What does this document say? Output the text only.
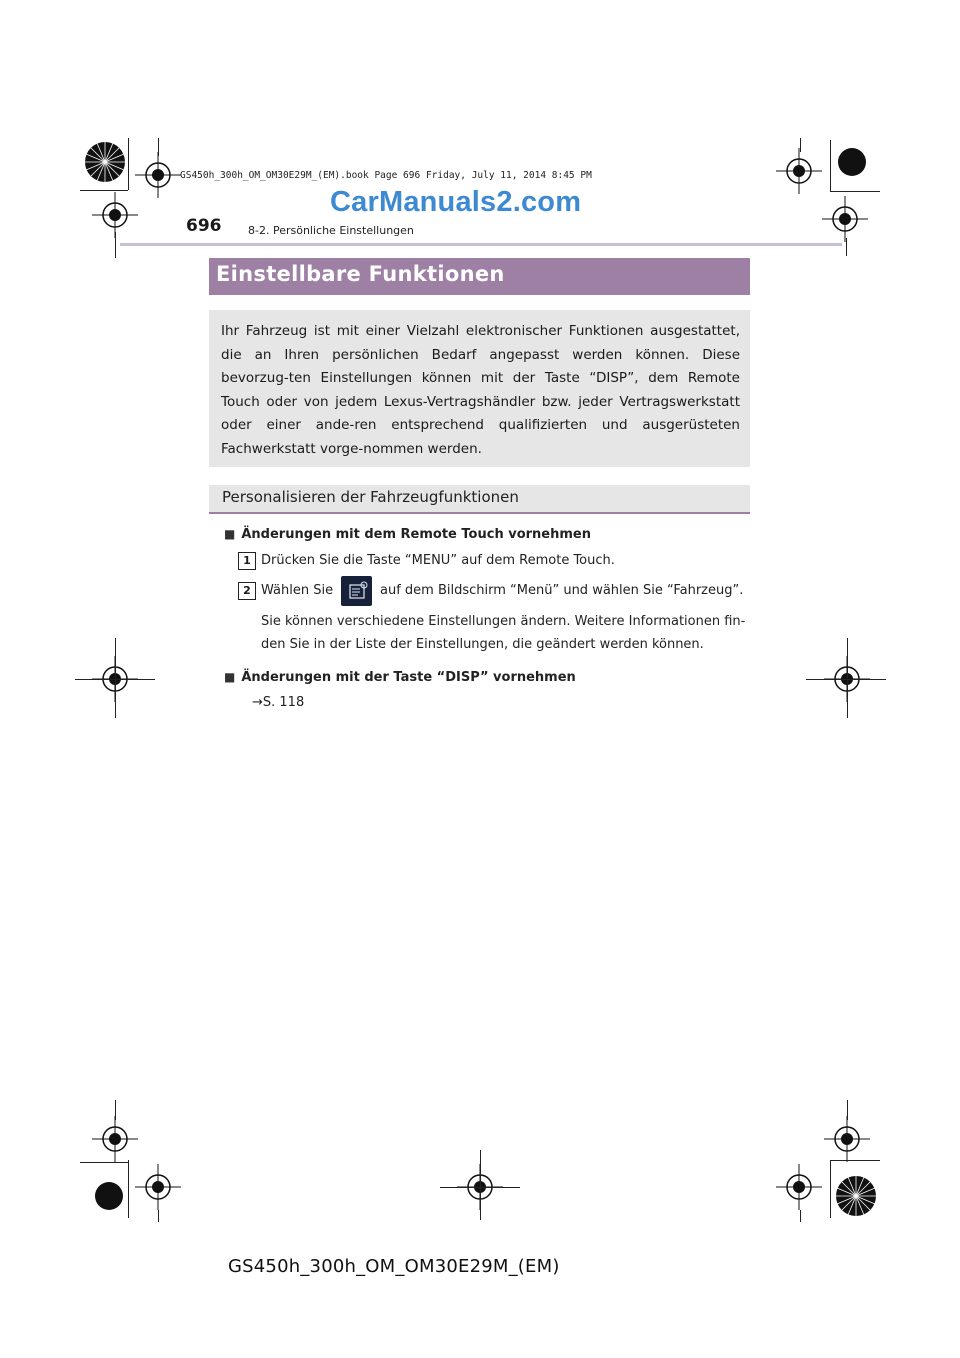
GS450h_300h_OM_OM30E29M_(EM).book Page 696 Friday, July 11, 2014 8:45 PM
CarManuals2.com
696 8-2. Persönliche Einstellungen
Einstellbare Funktionen
Ihr Fahrzeug ist mit einer Vielzahl elektronischer Funktionen ausgestattet, die an Ihren persönlichen Bedarf angepasst werden können. Diese bevorzug-ten Einstellungen können mit der Taste “DISP”, dem Remote Touch oder von jedem Lexus-Vertragshändler bzw. jeder Vertragswerkstatt oder einer ande-ren entsprechend qualifizierten und ausgerüsteten Fachwerkstatt vorge-nommen werden.
Personalisieren der Fahrzeugfunktionen
■ Änderungen mit dem Remote Touch vornehmen
1 Drücken Sie die Taste “MENU” auf dem Remote Touch.
2 Wählen Sie	auf dem Bildschirm “Menü” und wählen Sie “Fahrzeug”.
Sie können verschiedene Einstellungen ändern. Weitere Informationen fin-
den Sie in der Liste der Einstellungen, die geändert werden können.
■ Änderungen mit der Taste “DISP” vornehmen
→S. 118
GS450h_300h_OM_OM30E29M_(EM)
